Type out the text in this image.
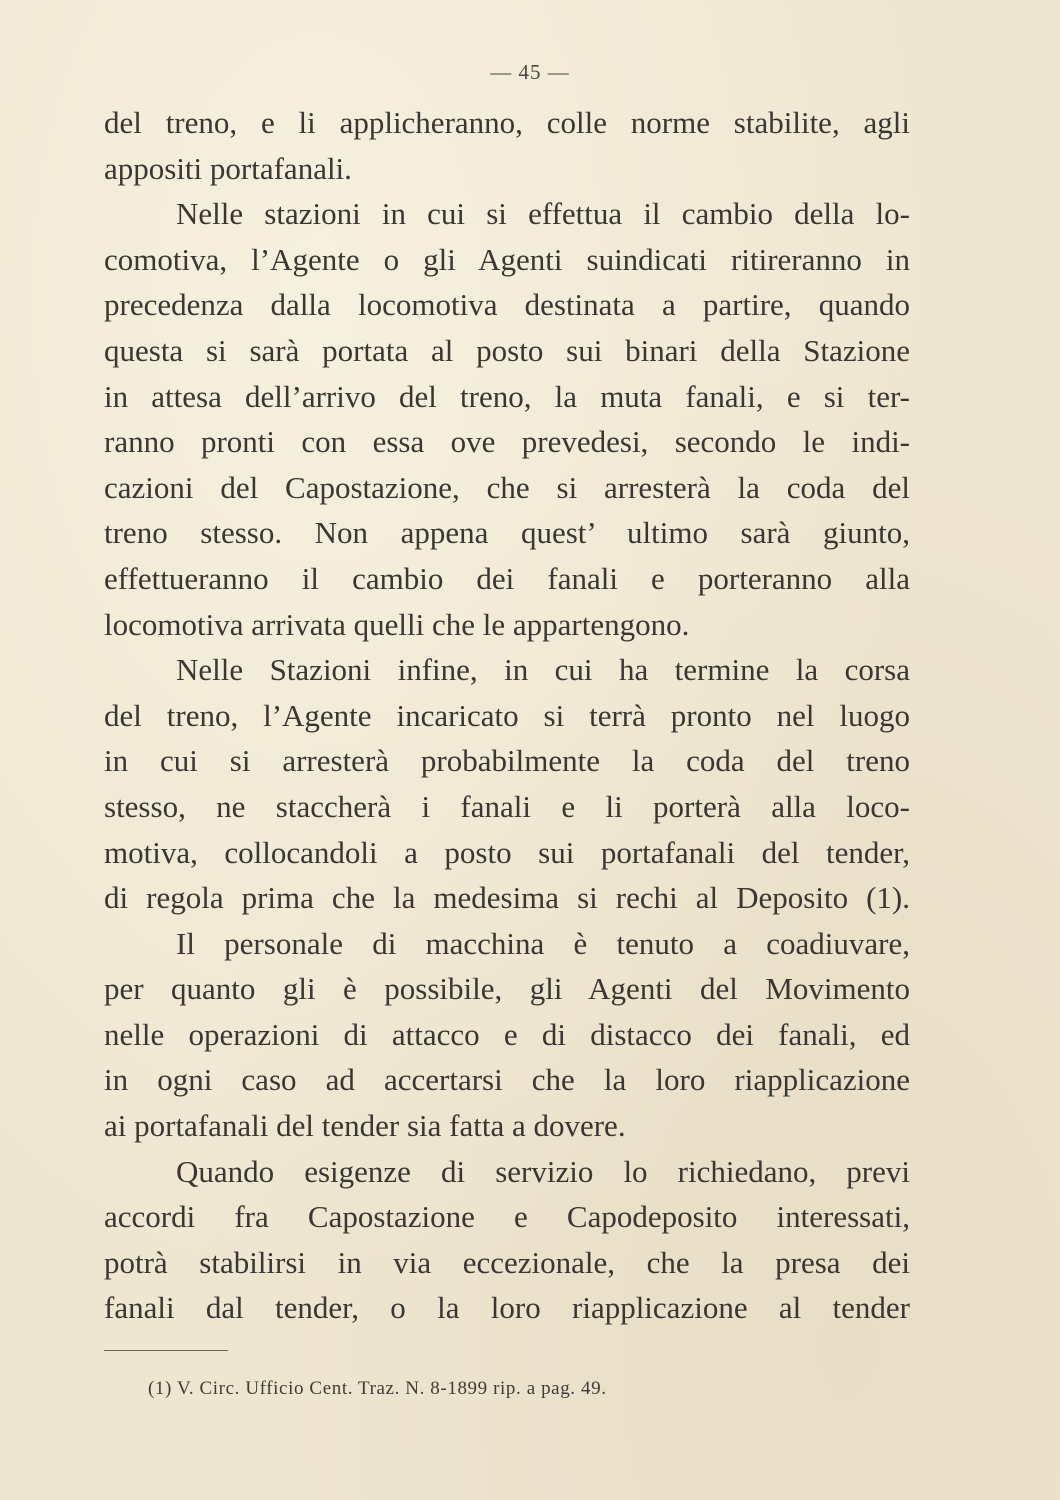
— 45 —
del treno, e li applicheranno, colle norme stabilite, agli
appositi portafanali.
Nelle stazioni in cui si effettua il cambio della lo-
comotiva, l’Agente o gli Agenti suindicati ritireranno in
precedenza dalla locomotiva destinata a partire, quando
questa si sarà portata al posto sui binari della Stazione
in attesa dell’arrivo del treno, la muta fanali, e si ter-
ranno pronti con essa ove prevedesi, secondo le indi-
cazioni del Capostazione, che si arresterà la coda del
treno stesso. Non appena quest’ ultimo sarà giunto,
effettueranno il cambio dei fanali e porteranno alla
locomotiva arrivata quelli che le appartengono.
Nelle Stazioni infine, in cui ha termine la corsa
del treno, l’Agente incaricato si terrà pronto nel luogo
in cui si arresterà probabilmente la coda del treno
stesso, ne staccherà i fanali e li porterà alla loco-
motiva, collocandoli a posto sui portafanali del tender,
di regola prima che la medesima si rechi al Deposito (1).
Il personale di macchina è tenuto a coadiuvare,
per quanto gli è possibile, gli Agenti del Movimento
nelle operazioni di attacco e di distacco dei fanali, ed
in ogni caso ad accertarsi che la loro riapplicazione
ai portafanali del tender sia fatta a dovere.
Quando esigenze di servizio lo richiedano, previ
accordi fra Capostazione e Capodeposito interessati,
potrà stabilirsi in via eccezionale, che la presa dei
fanali dal tender, o la loro riapplicazione al tender
(1) V. Circ. Ufficio Cent. Traz. N. 8-1899 rip. a pag. 49.
